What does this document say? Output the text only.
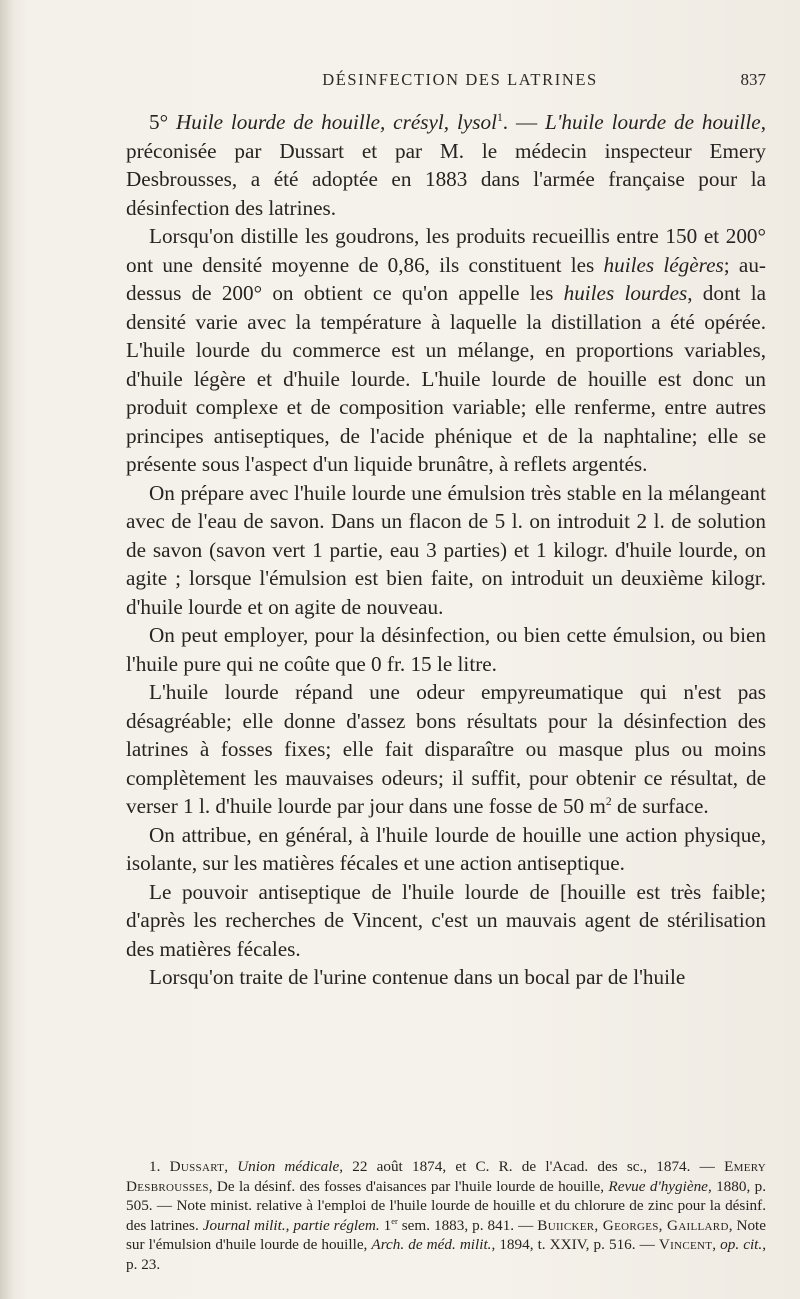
DÉSINFECTION DES LATRINES	837

5° Huile lourde de houille, crésyl, lysol$^1$. — L'huile lourde de houille, préconisée par Dussart et par M. le médecin inspecteur Emery Desbrousses, a été adoptée en 1883 dans l'armée française pour la désinfection des latrines.

Lorsqu'on distille les goudrons, les produits recueillis entre 150 et 200° ont une densité moyenne de 0,86, ils constituent les huiles légères; au-dessus de 200° on obtient ce qu'on appelle les huiles lourdes, dont la densité varie avec la température à laquelle la distillation a été opérée. L'huile lourde du commerce est un mélange, en proportions variables, d'huile légère et d'huile lourde. L'huile lourde de houille est donc un produit complexe et de composition variable; elle renferme, entre autres principes antiseptiques, de l'acide phénique et de la naphtaline; elle se présente sous l'aspect d'un liquide brunâtre, à reflets argentés.

On prépare avec l'huile lourde une émulsion très stable en la mélangeant avec de l'eau de savon. Dans un flacon de 5 l. on introduit 2 l. de solution de savon (savon vert 1 partie, eau 3 parties) et 1 kilogr. d'huile lourde, on agite ; lorsque l'émulsion est bien faite, on introduit un deuxième kilogr. d'huile lourde et on agite de nouveau.

On peut employer, pour la désinfection, ou bien cette émulsion, ou bien l'huile pure qui ne coûte que 0 fr. 15 le litre.

L'huile lourde répand une odeur empyreumatique qui n'est pas désagréable; elle donne d'assez bons résultats pour la désinfection des latrines à fosses fixes; elle fait disparaître ou masque plus ou moins complètement les mauvaises odeurs; il suffit, pour obtenir ce résultat, de verser 1 l. d'huile lourde par jour dans une fosse de 50 $m^2$ de surface.

On attribue, en général, à l'huile lourde de houille une action physique, isolante, sur les matières fécales et une action antiseptique.

Le pouvoir antiseptique de l'huile lourde de [houille est très faible; d'après les recherches de Vincent, c'est un mauvais agent de stérilisation des matières fécales.

Lorsqu'on traite de l'urine contenue dans un bocal par de l'huile

1. Dussart, Union médicale, 22 août 1874, et C. R. de l'Acad. des sc., 1874. — Emery Desbrousses, De la désinf. des fosses d'aisances par l'huile lourde de houille, Revue d'hygiène, 1880, p. 505. — Note minist. relative à l'emploi de l'huile lourde de houille et du chlorure de zinc pour la désinf. des latrines. Journal milit., partie réglem. 1er sem. 1883, p. 841. — Buiicker, Georges, Gaillard, Note sur l'émulsion d'huile lourde de houille, Arch. de méd. milit., 1894, t. XXIV, p. 516. — Vincent, op. cit., p. 23.
